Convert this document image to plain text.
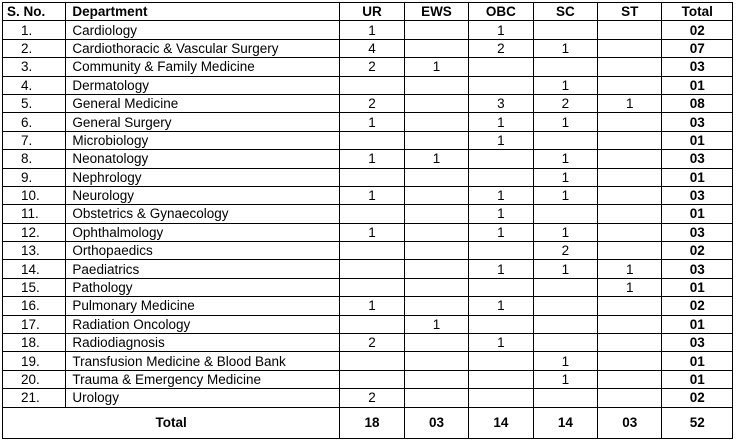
S. No.	Department	UR	EWS	OBC	SC	ST	Total
1.	Cardiology	1		1			02
2.	Cardiothoracic & Vascular Surgery	4		2	1		07
3.	Community & Family Medicine	2	1				03
4.	Dermatology				1		01
5.	General Medicine	2		3	2	1	08
6.	General Surgery	1		1	1		03
7.	Microbiology			1			01
8.	Neonatology	1	1		1		03
9.	Nephrology				1		01
10.	Neurology	1		1	1		03
11.	Obstetrics & Gynaecology			1			01
12.	Ophthalmology	1		1	1		03
13.	Orthopaedics				2		02
14.	Paediatrics			1	1	1	03
15.	Pathology					1	01
16.	Pulmonary Medicine	1		1			02
17.	Radiation Oncology		1				01
18.	Radiodiagnosis	2		1			03
19.	Transfusion Medicine & Blood Bank				1		01
20.	Trauma & Emergency Medicine				1		01
21.	Urology	2					02
Total		18	03	14	14	03	52
